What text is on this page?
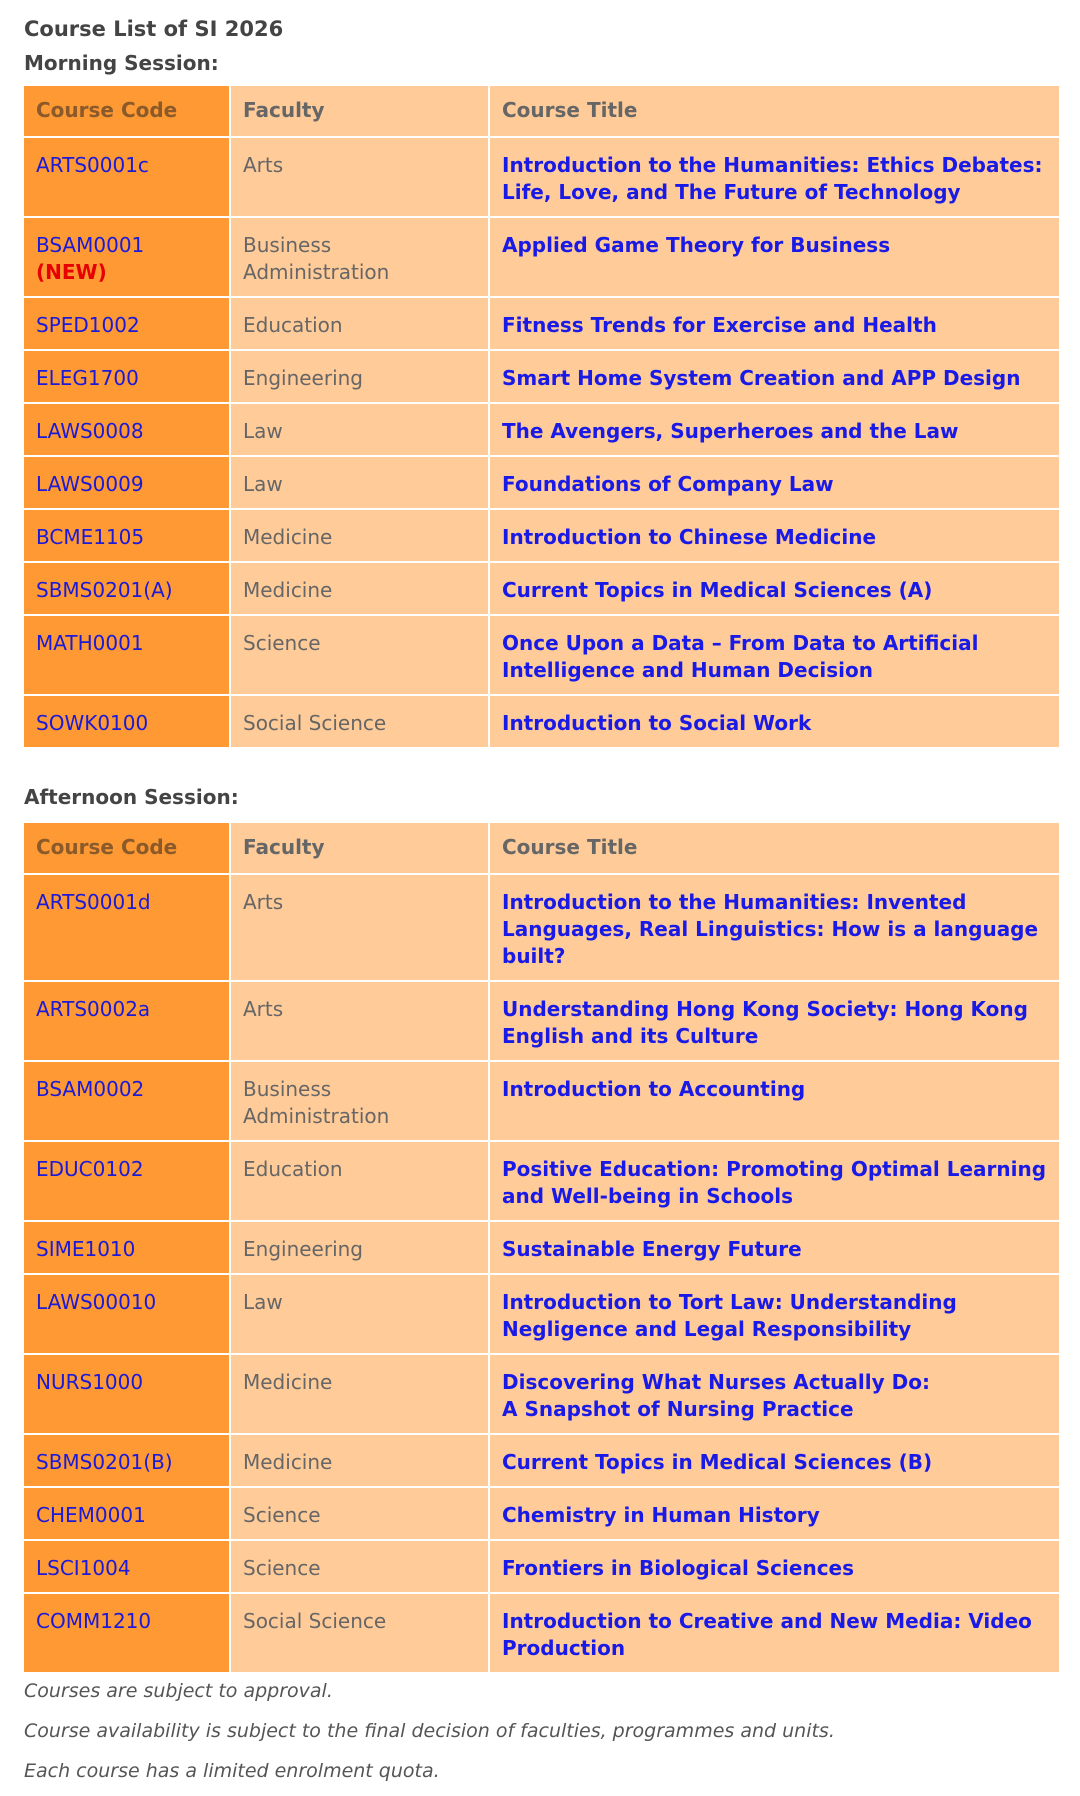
Course List of SI 2026
Morning Session:
Course Code	Faculty	Course Title
ARTS0001c	Arts	Introduction to the Humanities: Ethics Debates: Life, Love, and The Future of Technology
BSAM0001 (NEW)	Business Administration	Applied Game Theory for Business
SPED1002	Education	Fitness Trends for Exercise and Health
ELEG1700	Engineering	Smart Home System Creation and APP Design
LAWS0008	Law	The Avengers, Superheroes and the Law
LAWS0009	Law	Foundations of Company Law
BCME1105	Medicine	Introduction to Chinese Medicine
SBMS0201(A)	Medicine	Current Topics in Medical Sciences (A)
MATH0001	Science	Once Upon a Data – From Data to Artificial Intelligence and Human Decision
SOWK0100	Social Science	Introduction to Social Work
Afternoon Session:
Course Code	Faculty	Course Title
ARTS0001d	Arts	Introduction to the Humanities: Invented Languages, Real Linguistics: How is a language built?
ARTS0002a	Arts	Understanding Hong Kong Society: Hong Kong English and its Culture
BSAM0002	Business Administration	Introduction to Accounting
EDUC0102	Education	Positive Education: Promoting Optimal Learning and Well-being in Schools
SIME1010	Engineering	Sustainable Energy Future
LAWS00010	Law	Introduction to Tort Law: Understanding Negligence and Legal Responsibility
NURS1000	Medicine	Discovering What Nurses Actually Do:
A Snapshot of Nursing Practice
SBMS0201(B)	Medicine	Current Topics in Medical Sciences (B)
CHEM0001	Science	Chemistry in Human History
LSCI1004	Science	Frontiers in Biological Sciences
COMM1210	Social Science	Introduction to Creative and New Media: Video Production

Courses are subject to approval.

Course availability is subject to the final decision of faculties, programmes and units.

Each course has a limited enrolment quota.
